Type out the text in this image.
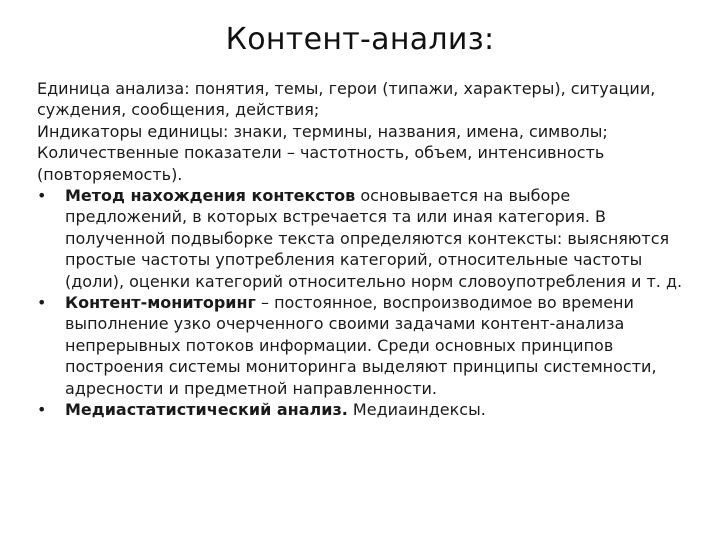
Контент-анализ:

Единица анализа: понятия, темы, герои (типажи, характеры), ситуации, суждения, сообщения, действия;

Индикаторы единицы: знаки, термины, названия, имена, символы;

Количественные показатели – частотность, объем, интенсивность (повторяемость).

•	Метод нахождения контекстов основывается на выборе предложений, в которых встречается та или иная категория. В полученной подвыборке текста определяются контексты: выясняются простые частоты употребления категорий, относительные частоты (доли), оценки категорий относительно норм словоупотребления и т. д.
•	Контент-мониторинг – постоянное, воспроизводимое во времени выполнение узко очерченного своими задачами контент-анализа непрерывных потоков информации. Среди основных принципов построения системы мониторинга выделяют принципы системности, адресности и предметной направленности.
•	Медиастатистический анализ. Медиаиндексы.
